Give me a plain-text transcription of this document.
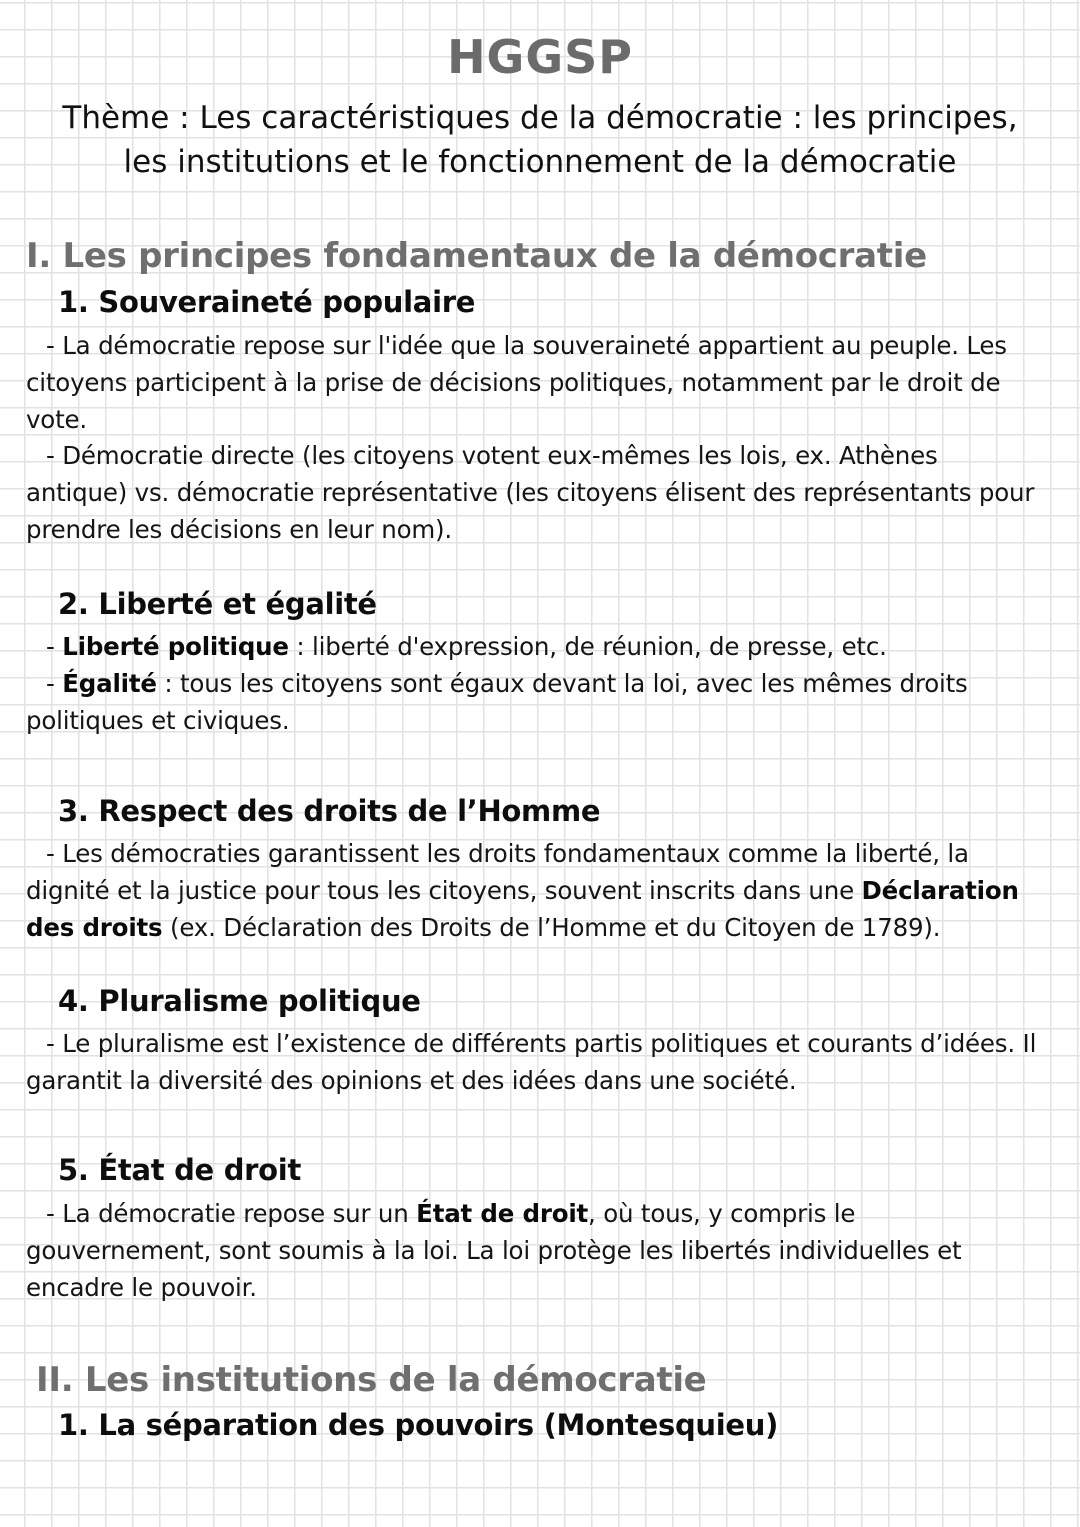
HGGSP
Thème : Les caractéristiques de la démocratie : les principes, les institutions et le fonctionnement de la démocratie
I. Les principes fondamentaux de la démocratie
1. Souveraineté populaire
- La démocratie repose sur l'idée que la souveraineté appartient au peuple. Les citoyens participent à la prise de décisions politiques, notamment par le droit de vote.
- Démocratie directe (les citoyens votent eux-mêmes les lois, ex. Athènes antique) vs. démocratie représentative (les citoyens élisent des représentants pour prendre les décisions en leur nom).
2. Liberté et égalité
- Liberté politique : liberté d'expression, de réunion, de presse, etc.
- Égalité : tous les citoyens sont égaux devant la loi, avec les mêmes droits politiques et civiques.
3. Respect des droits de l’Homme
- Les démocraties garantissent les droits fondamentaux comme la liberté, la dignité et la justice pour tous les citoyens, souvent inscrits dans une Déclaration des droits (ex. Déclaration des Droits de l’Homme et du Citoyen de 1789).
4. Pluralisme politique
- Le pluralisme est l’existence de différents partis politiques et courants d’idées. Il garantit la diversité des opinions et des idées dans une société.
5. État de droit
- La démocratie repose sur un État de droit, où tous, y compris le gouvernement, sont soumis à la loi. La loi protège les libertés individuelles et encadre le pouvoir.
II. Les institutions de la démocratie
1. La séparation des pouvoirs (Montesquieu)
